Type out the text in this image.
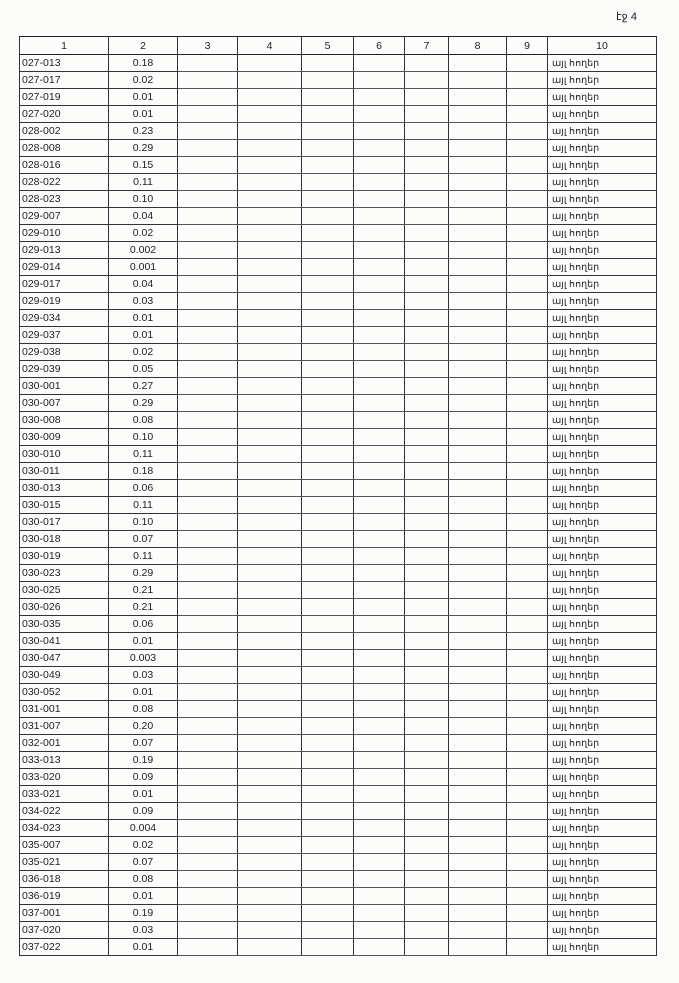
էջ 4
1	2	3	4	5	6	7	8	9	10
027-013	0.18								այլ հողեր
027-017	0.02								այլ հողեր
027-019	0.01								այլ հողեր
027-020	0.01								այլ հողեր
028-002	0.23								այլ հողեր
028-008	0.29								այլ հողեր
028-016	0.15								այլ հողեր
028-022	0.11								այլ հողեր
028-023	0.10								այլ հողեր
029-007	0.04								այլ հողեր
029-010	0.02								այլ հողեր
029-013	0.002								այլ հողեր
029-014	0.001								այլ հողեր
029-017	0.04								այլ հողեր
029-019	0.03								այլ հողեր
029-034	0.01								այլ հողեր
029-037	0.01								այլ հողեր
029-038	0.02								այլ հողեր
029-039	0.05								այլ հողեր
030-001	0.27								այլ հողեր
030-007	0.29								այլ հողեր
030-008	0.08								այլ հողեր
030-009	0.10								այլ հողեր
030-010	0.11								այլ հողեր
030-011	0.18								այլ հողեր
030-013	0.06								այլ հողեր
030-015	0.11								այլ հողեր
030-017	0.10								այլ հողեր
030-018	0.07								այլ հողեր
030-019	0.11								այլ հողեր
030-023	0.29								այլ հողեր
030-025	0.21								այլ հողեր
030-026	0.21								այլ հողեր
030-035	0.06								այլ հողեր
030-041	0.01								այլ հողեր
030-047	0.003								այլ հողեր
030-049	0.03								այլ հողեր
030-052	0.01								այլ հողեր
031-001	0.08								այլ հողեր
031-007	0.20								այլ հողեր
032-001	0.07								այլ հողեր
033-013	0.19								այլ հողեր
033-020	0.09								այլ հողեր
033-021	0.01								այլ հողեր
034-022	0.09								այլ հողեր
034-023	0.004								այլ հողեր
035-007	0.02								այլ հողեր
035-021	0.07								այլ հողեր
036-018	0.08								այլ հողեր
036-019	0.01								այլ հողեր
037-001	0.19								այլ հողեր
037-020	0.03								այլ հողեր
037-022	0.01								այլ հողեր
